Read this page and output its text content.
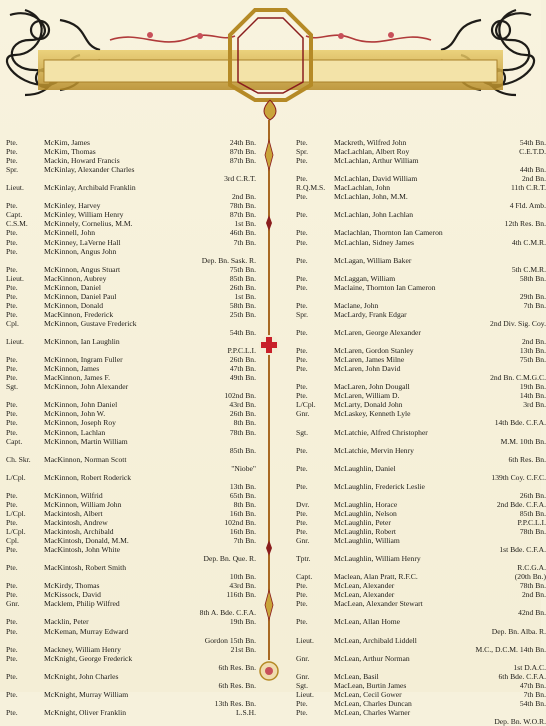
Pte.	McKim, James	24th Bn.
Pte.	McKim, Thomas	87th Bn.
Pte.	Mackin, Howard Francis	87th Bn.
Spr.	McKinlay, Alexander Charles
3rd C.R.T.
Lieut.	McKinlay, Archibald Franklin
2nd Bn.
Pte.	McKinley, Harvey	78th Bn.
Capt.	McKinley, William Henry	87th Bn.
C.S.M.	McKinnely, Cornelius, M.M.	1st Bn.
Pte.	McKinnell, John	46th Bn.
Pte.	McKinney, LaVerne Hall	7th Bn.
Pte.	McKinnon, Angus John
Dep. Bn. Sask. R.
Pte.	McKinnon, Angus Stuart	75th Bn.
Lieut.	MacKinnon, Aubrey	85th Bn.
Pte.	McKinnon, Daniel	26th Bn.
Pte.	McKinnon, Daniel Paul	1st Bn.
Pte.	McKinnon, Donald	58th Bn.
Pte.	MacKinnon, Frederick	25th Bn.
Cpl.	McKinnon, Gustave Frederick
54th Bn.
Lieut.	McKinnon, Ian Laughlin
P.P.C.L.I.
Pte.	McKinnon, Ingram Fuller	26th Bn.
Pte.	McKinnon, James	47th Bn.
Pte.	MacKinnon, James F.	49th Bn.
Sgt.	McKinnon, John Alexander
102nd Bn.
Pte.	McKinnon, John Daniel	43rd Bn.
Pte.	McKinnon, John W.	26th Bn.
Pte.	McKinnon, Joseph Roy	8th Bn.
Pte.	McKinnon, Lachlan	78th Bn.
Capt.	McKinnon, Martin William
85th Bn.
Ch. Skr.	MacKinnon, Norman Scott
"Niobe"
L/Cpl.	McKinnon, Robert Roderick
13th Bn.
Pte.	McKinnon, Wilfrid	65th Bn.
Pte.	McKinnon, William John	8th Bn.
L/Cpl.	Mackintosh, Albert	16th Bn.
Pte.	Mackintosh, Andrew	102nd Bn.
L/Cpl.	Mackintosh, Archibald	16th Bn.
Cpl.	MacKintosh, Donald, M.M.	7th Bn.
Pte.	MacKintosh, John White
Dep. Bn. Que. R.
Pte.	MacKintosh, Robert Smith
10th Bn.
Pte.	McKirdy, Thomas	43rd Bn.
Pte.	McKissock, David	116th Bn.
Gnr.	Macklem, Philip Wilfred
8th A. Bde. C.F.A.
Pte.	Macklin, Peter	19th Bn.
Pte.	McKeman, Murray Edward
Gordon 15th Bn.
Pte.	Mackney, William Henry	21st Bn.
Pte.	McKnight, George Frederick
6th Res. Bn.
Pte.	McKnight, John Charles
6th Res. Bn.
Pte.	McKnight, Murray William
13th Res. Bn.
Pte.	McKnight, Oliver Franklin	L.S.H.
Pte.	Mackreth, Wilfred John	54th Bn.
Spr.	MacLachlan, Albert Roy	C.E.T.D.
Pte.	McLachlan, Arthur William
44th Bn.
Pte.	McLachlan, David William	2nd Bn.
R.Q.M.S.	MacLachlan, John	11th C.R.T.
Pte.	McLachlan, John, M.M.
4 Fld. Amb.
Pte.	McLachlan, John Lachlan
12th Res. Bn.
Pte.	Maclachlan, Thornton Ian Cameron
Pte.	McLachlan, Sidney James	4th C.M.R.
Pte.	McLagan, William Baker
5th C.M.R.
Pte.	McLaggan, William	58th Bn.
Pte.	Maclaine, Thornton Ian Cameron
29th Bn.
Pte.	Maclane, John	7th Bn.
Spr.	MacLardy, Frank Edgar
2nd Div. Sig. Coy.
Pte.	McLaren, George Alexander
2nd Bn.
Pte.	McLaren, Gordon Stanley	13th Bn.
Pte.	McLaren, James Milne	75th Bn.
Pte.	McLaren, John David
2nd Bn. C.M.G.C.
Pte.	MacLaren, John Dougall	19th Bn.
Pte.	McLaren, William D.	14th Bn.
L/Cpl.	McLarty, Donald John	3rd Bn.
Gnr.	McLaskey, Kenneth Lyle
14th Bde. C.F.A.
Sgt.	McLatchie, Alfred Christopher
M.M. 10th Bn.
Pte.	McLatchie, Mervin Henry
6th Res. Bn.
Pte.	McLaughlin, Daniel
139th Coy. C.F.C.
Pte.	McLaughlin, Frederick Leslie
26th Bn.
Dvr.	McLaughlin, Horace	2nd Bde. C.F.A.
Pte.	McLaughlin, Nelson	85th Bn.
Pte.	McLaughlin, Peter	P.P.C.L.I.
Pte.	McLaughlin, Robert	78th Bn.
Gnr.	McLaughlin, William
1st Bde. C.F.A.
Tptr.	McLaughlin, William Henry
R.C.G.A.
Capt.	Maclean, Alan Pratt, R.F.C.	(20th Bn.)
Pte.	McLean, Alexander	78th Bn.
Pte.	McLean, Alexander	2nd Bn.
Pte.	MacLean, Alexander Stewart
42nd Bn.
Pte.	McLean, Allan Home
Dep. Bn. Alba. R.
Lieut.	McLean, Archibald Liddell
M.C., D.C.M. 14th Bn.
Gnr.	McLean, Arthur Norman
1st D.A.C.
Gnr.	McLean, Basil	6th Bde. C.F.A.
Sgt.	MacLean, Burtin James	47th Bn.
Lieut.	McLean, Cecil Gower	7th Bn.
Pte.	McLean, Charles Duncan	54th Bn.
Pte.	McLean, Charles Warner
Dep. Bn. W.O.R.
